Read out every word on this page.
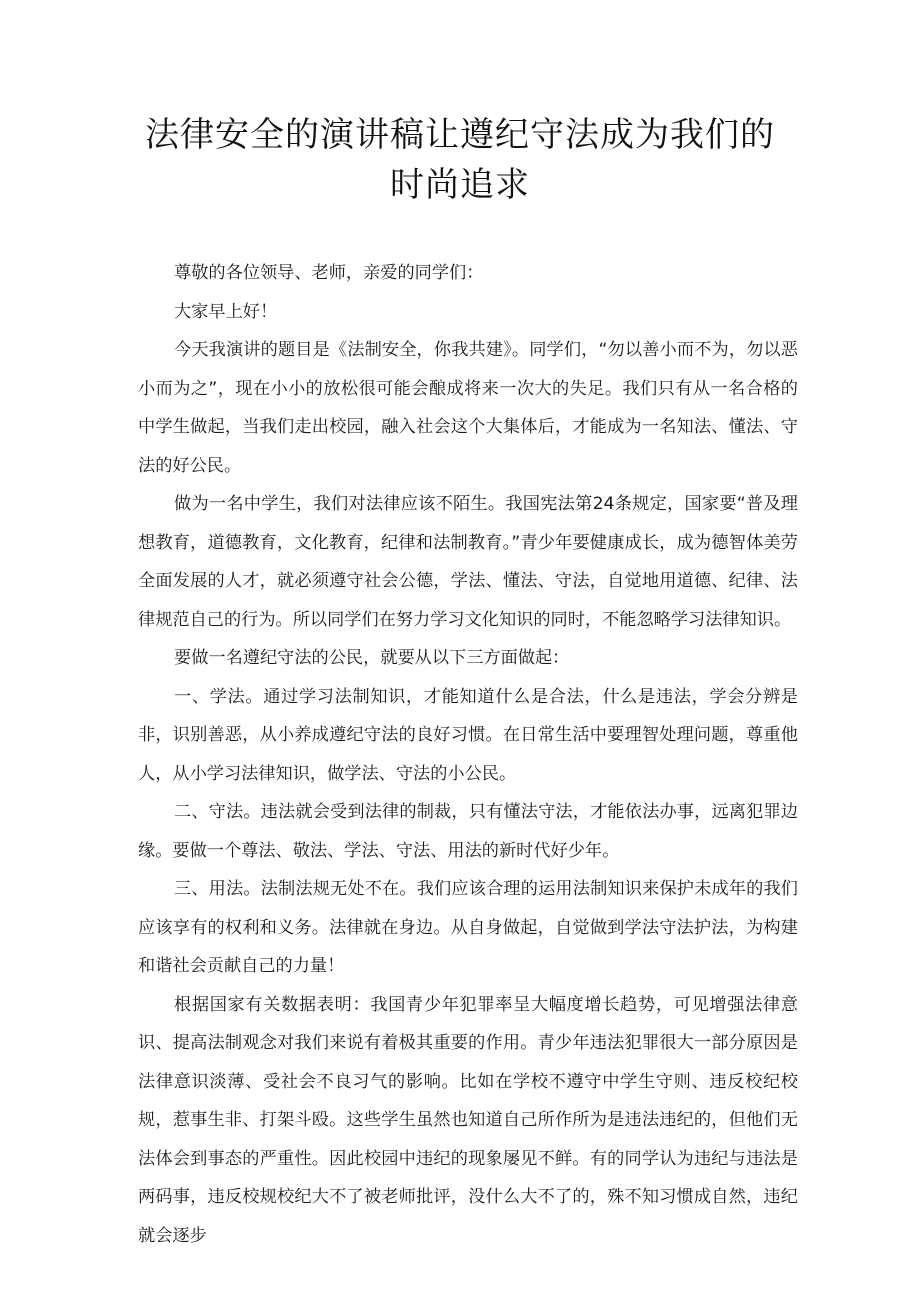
法律安全的演讲稿让遵纪守法成为我们的
时尚追求

尊敬的各位领导、老师，亲爱的同学们：

大家早上好！

今天我演讲的题目是《法制安全，你我共建》。同学们，“勿以善小而不为，勿以恶小而为之”，现在小小的放松很可能会酿成将来一次大的失足。我们只有从一名合格的中学生做起，当我们走出校园，融入社会这个大集体后，才能成为一名知法、懂法、守法的好公民。

做为一名中学生，我们对法律应该不陌生。我国宪法第24条规定，国家要“普及理想教育，道德教育，文化教育，纪律和法制教育。”青少年要健康成长，成为德智体美劳全面发展的人才，就必须遵守社会公德，学法、懂法、守法，自觉地用道德、纪律、法律规范自己的行为。所以同学们在努力学习文化知识的同时，不能忽略学习法律知识。

要做一名遵纪守法的公民，就要从以下三方面做起：

一、学法。通过学习法制知识，才能知道什么是合法，什么是违法，学会分辨是非，识别善恶，从小养成遵纪守法的良好习惯。在日常生活中要理智处理问题，尊重他人，从小学习法律知识，做学法、守法的小公民。

二、守法。违法就会受到法律的制裁，只有懂法守法，才能依法办事，远离犯罪边缘。要做一个尊法、敬法、学法、守法、用法的新时代好少年。

三、用法。法制法规无处不在。我们应该合理的运用法制知识来保护未成年的我们应该享有的权利和义务。法律就在身边。从自身做起，自觉做到学法守法护法，为构建和谐社会贡献自己的力量！

根据国家有关数据表明：我国青少年犯罪率呈大幅度增长趋势，可见增强法律意识、提高法制观念对我们来说有着极其重要的作用。青少年违法犯罪很大一部分原因是法律意识淡薄、受社会不良习气的影响。比如在学校不遵守中学生守则、违反校纪校规，惹事生非、打架斗殴。这些学生虽然也知道自己所作所为是违法违纪的，但他们无法体会到事态的严重性。因此校园中违纪的现象屡见不鲜。有的同学认为违纪与违法是两码事，违反校规校纪大不了被老师批评，没什么大不了的，殊不知习惯成自然，违纪就会逐步
